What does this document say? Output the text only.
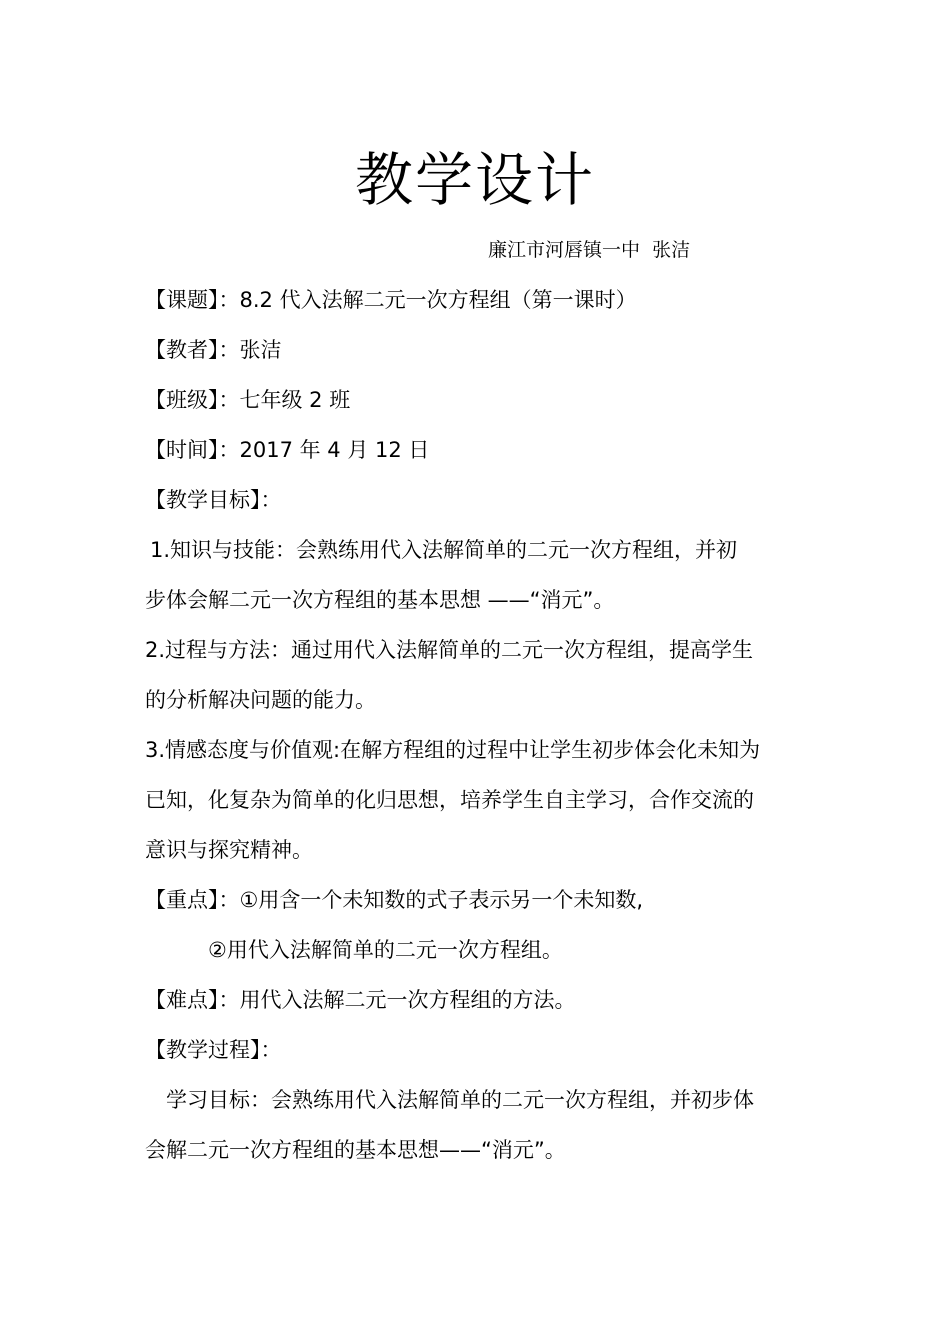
教学设计
廉江市河唇镇一中  张洁
【课题】：8.2 代入法解二元一次方程组（第一课时）
【教者】：张洁
【班级】：七年级 2 班
【时间】：2017 年 4 月 12 日
【教学目标】：
1.知识与技能：会熟练用代入法解简单的二元一次方程组，并初
步体会解二元一次方程组的基本思想 ——“消元”。
2.过程与方法：通过用代入法解简单的二元一次方程组，提高学生
的分析解决问题的能力。
3.情感态度与价值观:在解方程组的过程中让学生初步体会化未知为
已知，化复杂为简单的化归思想，培养学生自主学习，合作交流的
意识与探究精神。
【重点】：①用含一个未知数的式子表示另一个未知数,
②用代入法解简单的二元一次方程组。
【难点】：用代入法解二元一次方程组的方法。
【教学过程】：
学习目标：会熟练用代入法解简单的二元一次方程组，并初步体
会解二元一次方程组的基本思想——“消元”。
